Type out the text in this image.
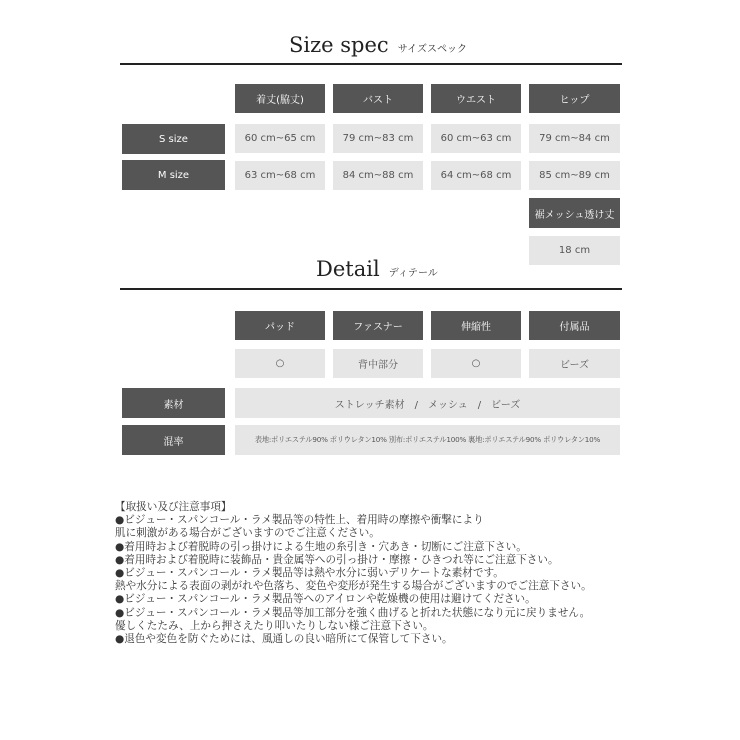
Size spec サイズスペック
着丈(脇丈)	バスト	ウエスト	ヒップ
S size	60 cm~65 cm	79 cm~83 cm	60 cm~63 cm	79 cm~84 cm
M size	63 cm~68 cm	84 cm~88 cm	64 cm~68 cm	85 cm~89 cm
裾メッシュ透け丈
18 cm
Detail ディテール
パッド	ファスナー	伸縮性	付属品
○	背中部分	○	ビーズ
素材	ストレッチ素材　/　メッシュ　/　ビーズ
混率	表地:ポリエステル90% ポリウレタン10% 別布:ポリエステル100% 裏地:ポリエステル90% ポリウレタン10%
【取扱い及び注意事項】
●ビジュー・スパンコール・ラメ製品等の特性上、着用時の摩擦や衝撃により
肌に刺激がある場合がございますのでご注意ください。
●着用時および着脱時の引っ掛けによる生地の糸引き・穴あき・切断にご注意下さい。
●着用時および着脱時に装飾品・貴金属等への引っ掛け・摩擦・ひきつれ等にご注意下さい。
●ビジュー・スパンコール・ラメ製品等は熱や水分に弱いデリケートな素材です。
熱や水分による表面の剥がれや色落ち、変色や変形が発生する場合がございますのでご注意下さい。
●ビジュー・スパンコール・ラメ製品等へのアイロンや乾燥機の使用は避けてください。
●ビジュー・スパンコール・ラメ製品等加工部分を強く曲げると折れた状態になり元に戻りません。
優しくたたみ、上から押さえたり叩いたりしない様ご注意下さい。
●退色や変色を防ぐためには、風通しの良い暗所にて保管して下さい。
